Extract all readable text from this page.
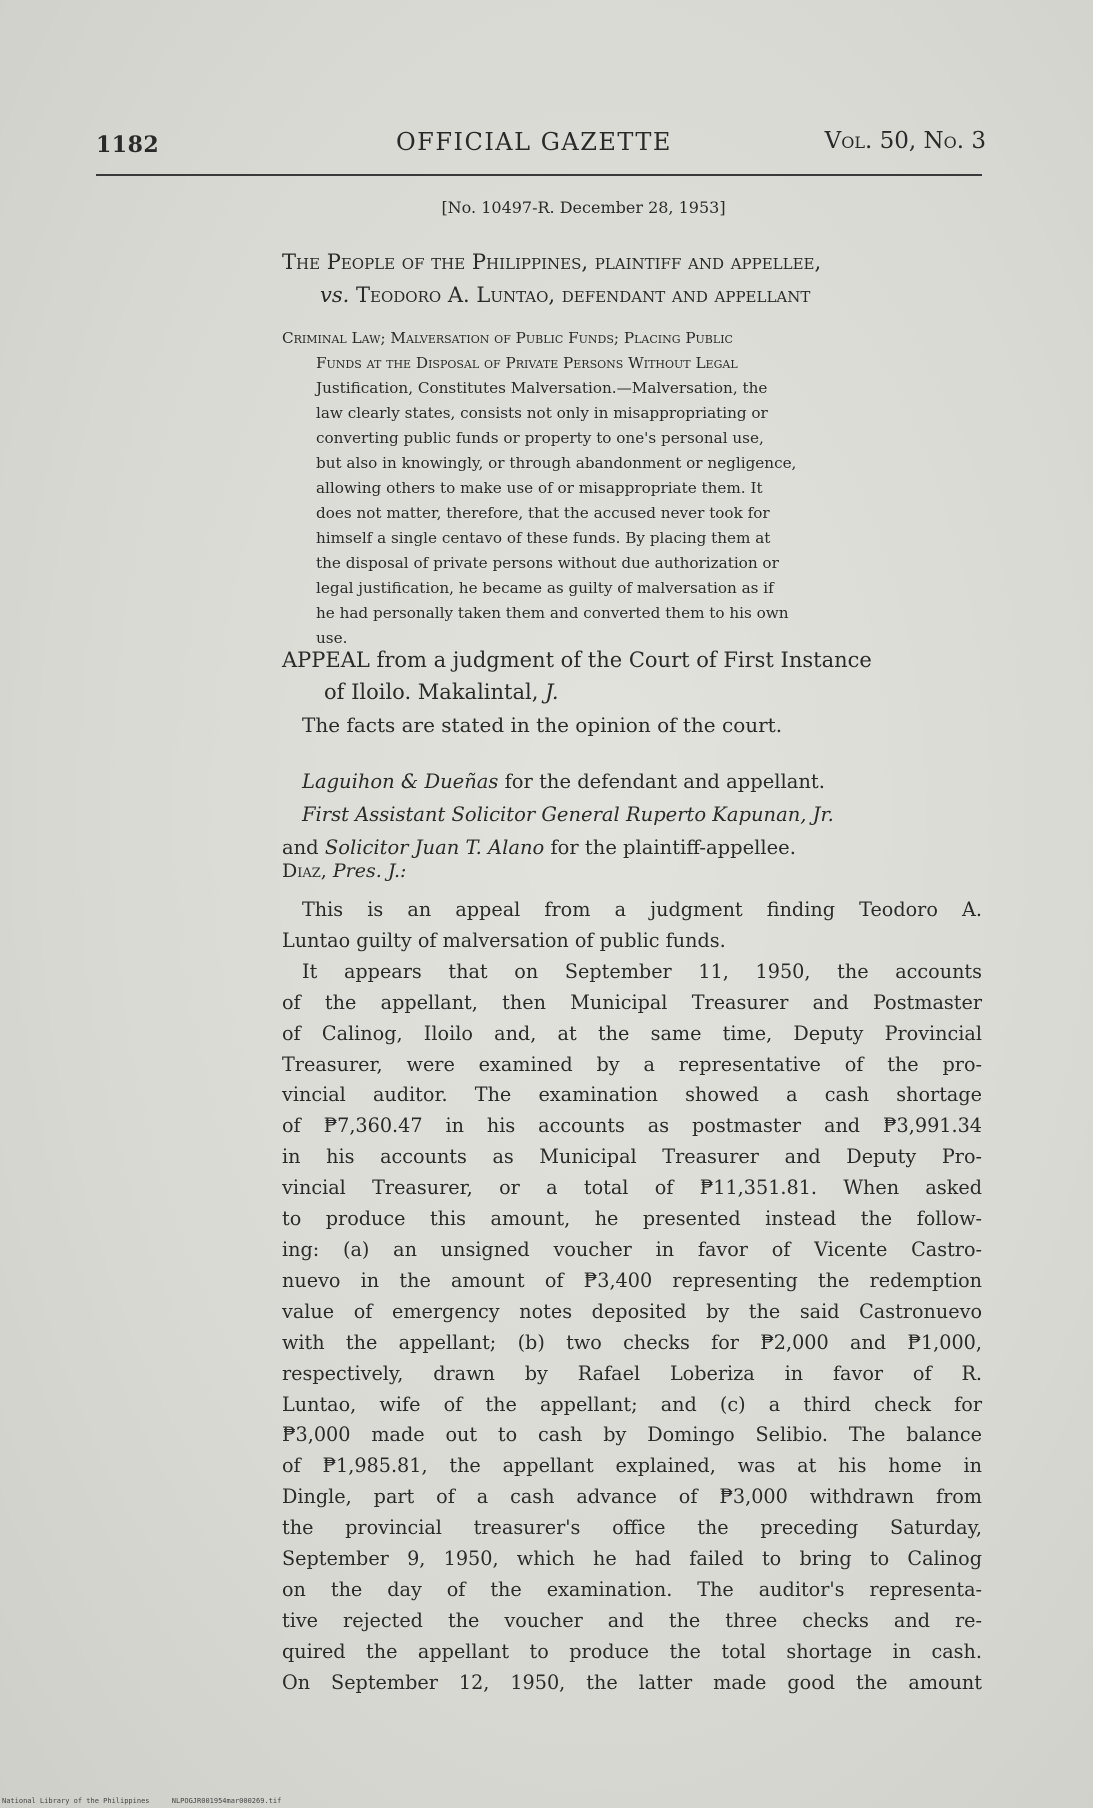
1182	OFFICIAL GAZETTE	Vol. 50, No. 3
[No. 10497-R. December 28, 1953]
The People of the Philippines, plaintiff and appellee,
vs. Teodoro A. Luntao, defendant and appellant
Criminal Law; Malversation of Public Funds; Placing Public
Funds at the Disposal of Private Persons Without Legal
Justification, Constitutes Malversation.—Malversation, the
law clearly states, consists not only in misappropriating or
converting public funds or property to one's personal use,
but also in knowingly, or through abandonment or negligence,
allowing others to make use of or misappropriate them. It
does not matter, therefore, that the accused never took for
himself a single centavo of these funds. By placing them at
the disposal of private persons without due authorization or
legal justification, he became as guilty of malversation as if
he had personally taken them and converted them to his own
use.
APPEAL from a judgment of the Court of First Instance
of Iloilo. Makalintal, J.
The facts are stated in the opinion of the court.
Laguihon & Dueñas for the defendant and appellant.
First Assistant Solicitor General Ruperto Kapunan, Jr.
and Solicitor Juan T. Alano for the plaintiff-appellee.
Diaz, Pres. J.:
This is an appeal from a judgment finding Teodoro A.
Luntao guilty of malversation of public funds.
It appears that on September 11, 1950, the accounts
of the appellant, then Municipal Treasurer and Postmaster
of Calinog, Iloilo and, at the same time, Deputy Provincial
Treasurer, were examined by a representative of the pro-
vincial auditor. The examination showed a cash shortage
of ₱7,360.47 in his accounts as postmaster and ₱3,991.34
in his accounts as Municipal Treasurer and Deputy Pro-
vincial Treasurer, or a total of ₱11,351.81. When asked
to produce this amount, he presented instead the follow-
ing: (a) an unsigned voucher in favor of Vicente Castro-
nuevo in the amount of ₱3,400 representing the redemption
value of emergency notes deposited by the said Castronuevo
with the appellant; (b) two checks for ₱2,000 and ₱1,000,
respectively, drawn by Rafael Loberiza in favor of R.
Luntao, wife of the appellant; and (c) a third check for
₱3,000 made out to cash by Domingo Selibio. The balance
of ₱1,985.81, the appellant explained, was at his home in
Dingle, part of a cash advance of ₱3,000 withdrawn from
the provincial treasurer's office the preceding Saturday,
September 9, 1950, which he had failed to bring to Calinog
on the day of the examination. The auditor's representa-
tive rejected the voucher and the three checks and re-
quired the appellant to produce the total shortage in cash.
On September 12, 1950, the latter made good the amount
National Library of the Philippines	NLPOGJR001954mar000269.tif
